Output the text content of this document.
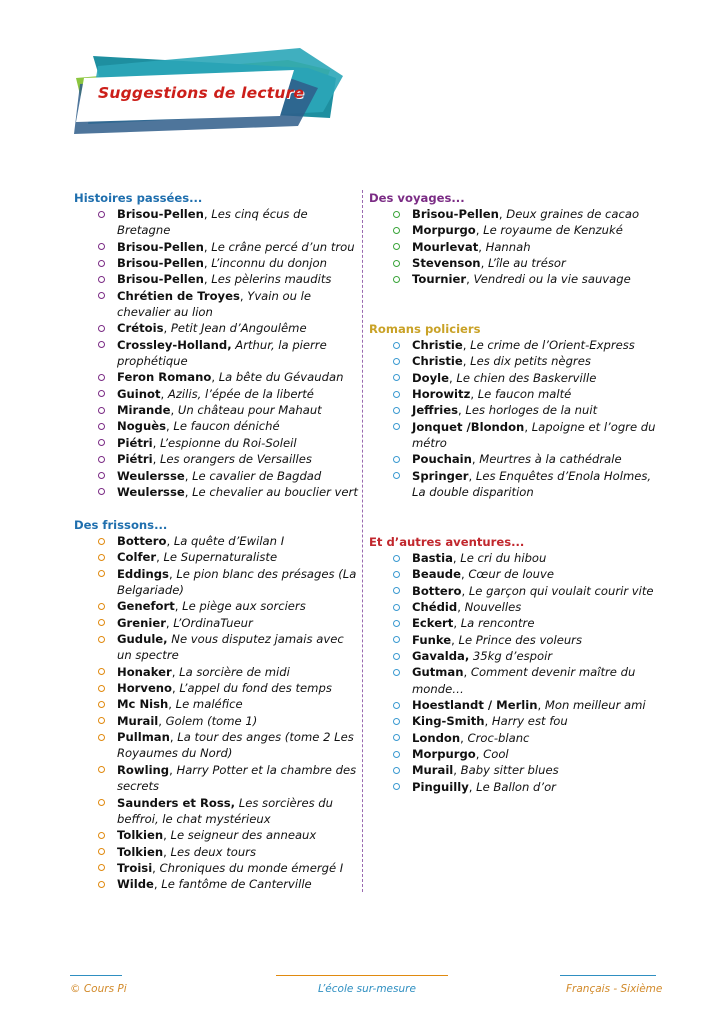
Suggestions de lecture

Histoires passées...

Brisou-Pellen, Les cinq écus de Bretagne
Brisou-Pellen, Le crâne percé d’un trou
Brisou-Pellen, L’inconnu du donjon
Brisou-Pellen, Les pèlerins maudits
Chrétien de Troyes, Yvain ou le chevalier au lion
Crétois, Petit Jean d’Angoulême
Crossley-Holland, Arthur, la pierre prophétique
Feron Romano, La bête du Gévaudan
Guinot, Azilis, l’épée de la liberté
Mirande, Un château pour Mahaut
Noguès, Le faucon déniché
Piétri, L’espionne du Roi-Soleil
Piétri, Les orangers de Versailles
Weulersse, Le cavalier de Bagdad
Weulersse, Le chevalier au bouclier vert

Des frissons...

Bottero, La quête d’Ewilan I
Colfer, Le Supernaturaliste
Eddings, Le pion blanc des présages (La Belgariade)
Genefort, Le piège aux sorciers
Grenier, L’OrdinaTueur
Gudule, Ne vous disputez jamais avec un spectre
Honaker, La sorcière de midi
Horveno, L’appel du fond des temps
Mc Nish, Le maléfice
Murail, Golem (tome 1)
Pullman, La tour des anges (tome 2 Les Royaumes du Nord)
Rowling, Harry Potter et la chambre des secrets
Saunders et Ross, Les sorcières du beffroi, le chat mystérieux
Tolkien, Le seigneur des anneaux
Tolkien, Les deux tours
Troisi, Chroniques du monde émergé I
Wilde, Le fantôme de Canterville

Des voyages...

Brisou-Pellen, Deux graines de cacao
Morpurgo, Le royaume de Kenzuké
Mourlevat, Hannah
Stevenson, L’île au trésor
Tournier, Vendredi ou la vie sauvage

Romans policiers

Christie, Le crime de l’Orient-Express
Christie, Les dix petits nègres
Doyle, Le chien des Baskerville
Horowitz, Le faucon malté
Jeffries, Les horloges de la nuit
Jonquet /Blondon, Lapoigne et l’ogre du métro
Pouchain, Meurtres à la cathédrale
Springer, Les Enquêtes d’Enola Holmes, La double disparition

Et d’autres aventures...

Bastia, Le cri du hibou
Beaude, Cœur de louve
Bottero, Le garçon qui voulait courir vite
Chédid, Nouvelles
Eckert, La rencontre
Funke, Le Prince des voleurs
Gavalda, 35kg d’espoir
Gutman, Comment devenir maître du monde…
Hoestlandt / Merlin, Mon meilleur ami
King-Smith, Harry est fou
London, Croc-blanc
Morpurgo, Cool
Murail, Baby sitter blues
Pinguilly, Le Ballon d’or
© Cours Pi	L’école sur-mesure	Français - Sixième
